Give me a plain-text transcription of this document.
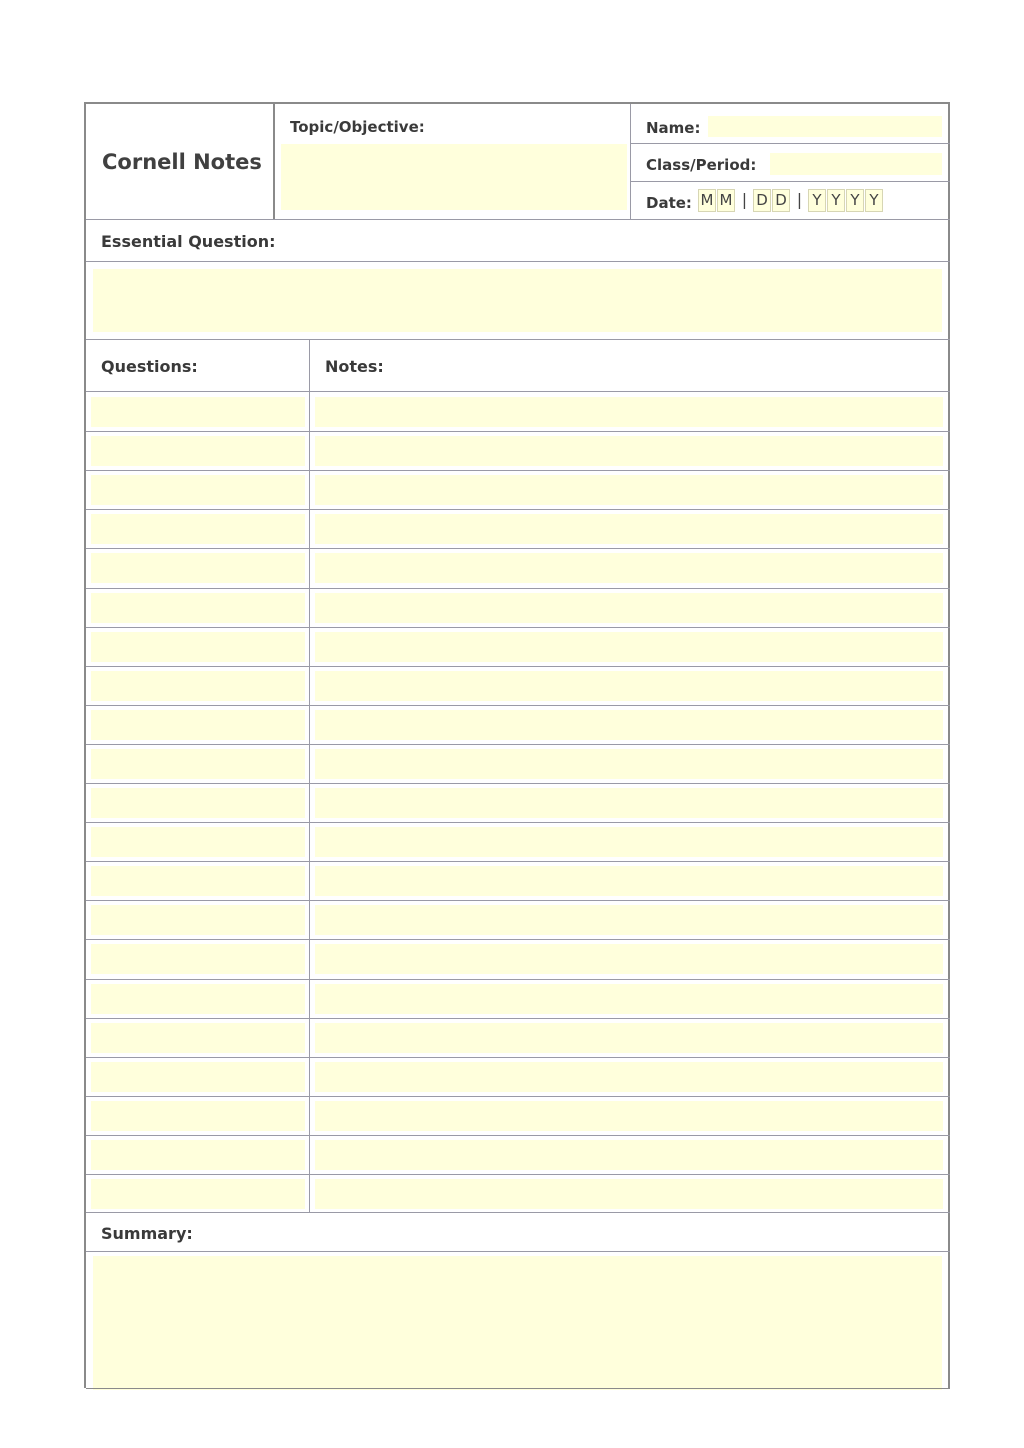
Cornell Notes
Topic/Objective:	Name:
Class/Period:
Date: M M | D D | Y Y Y Y
Essential Question:
Questions:	Notes:
Summary:
